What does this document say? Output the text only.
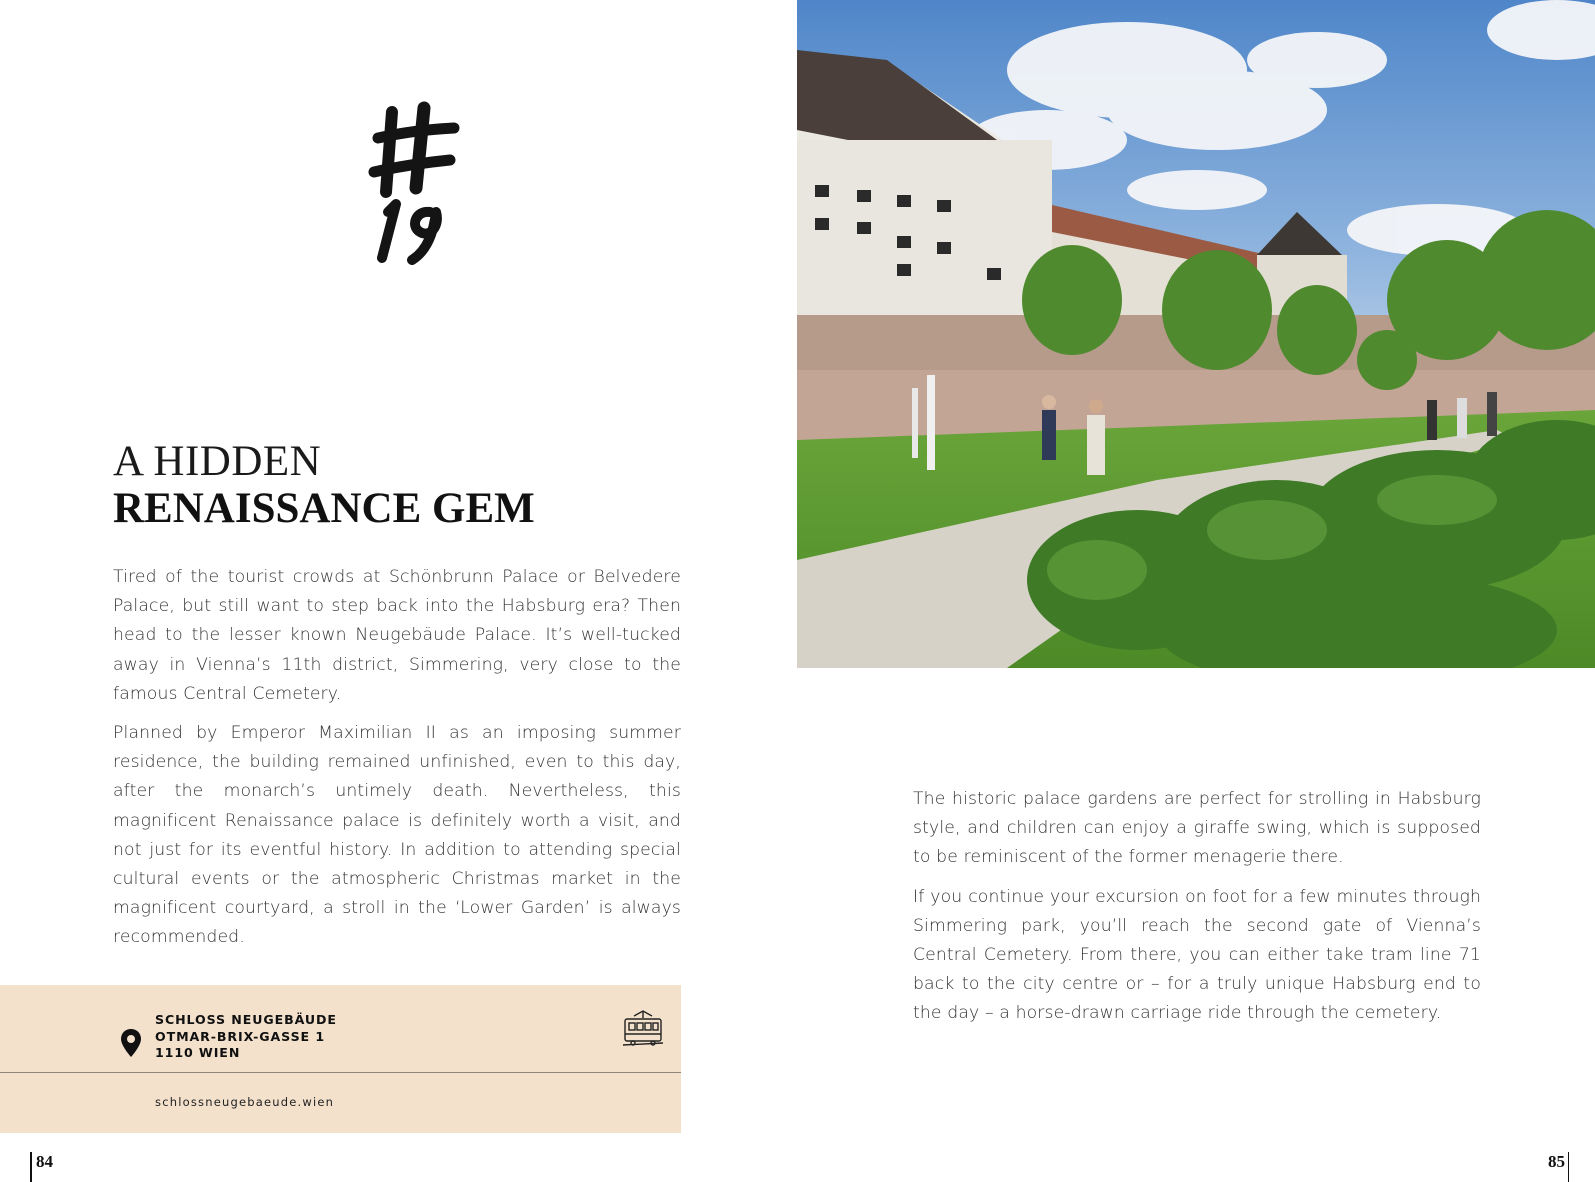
A HIDDEN
RENAISSANCE GEM

Tired of the tourist crowds at Schönbrunn Palace or Belvedere Palace, but still want to step back into the Habsburg era? Then head to the lesser known Neugebäude Palace. It’s well-tucked away in Vienna’s 11th district, Simmering, very close to the famous Central Cemetery.

Planned by Emperor Maximilian II as an imposing summer residence, the building remained unfinished, even to this day, after the monarch’s untimely death. Nevertheless, this magnificent Renaissance palace is definitely worth a visit, and not just for its eventful history. In addition to attending special cultural events or the atmospheric Christmas market in the magnificent courtyard, a stroll in the ‘Lower Garden’ is always recommended.

SCHLOSS NEUGEBÄUDE
OTMAR-BRIX-GASSE 1
1110 WIEN
schlossneugebaeude.wien
84

The historic palace gardens are perfect for strolling in Habsburg style, and children can enjoy a giraffe swing, which is supposed to be reminiscent of the former menagerie there.

If you continue your excursion on foot for a few minutes through Simmering park, you’ll reach the second gate of Vienna’s Central Cemetery. From there, you can either take tram line 71 back to the city centre or – for a truly unique Habsburg end to the day – a horse-drawn carriage ride through the cemetery.

85
